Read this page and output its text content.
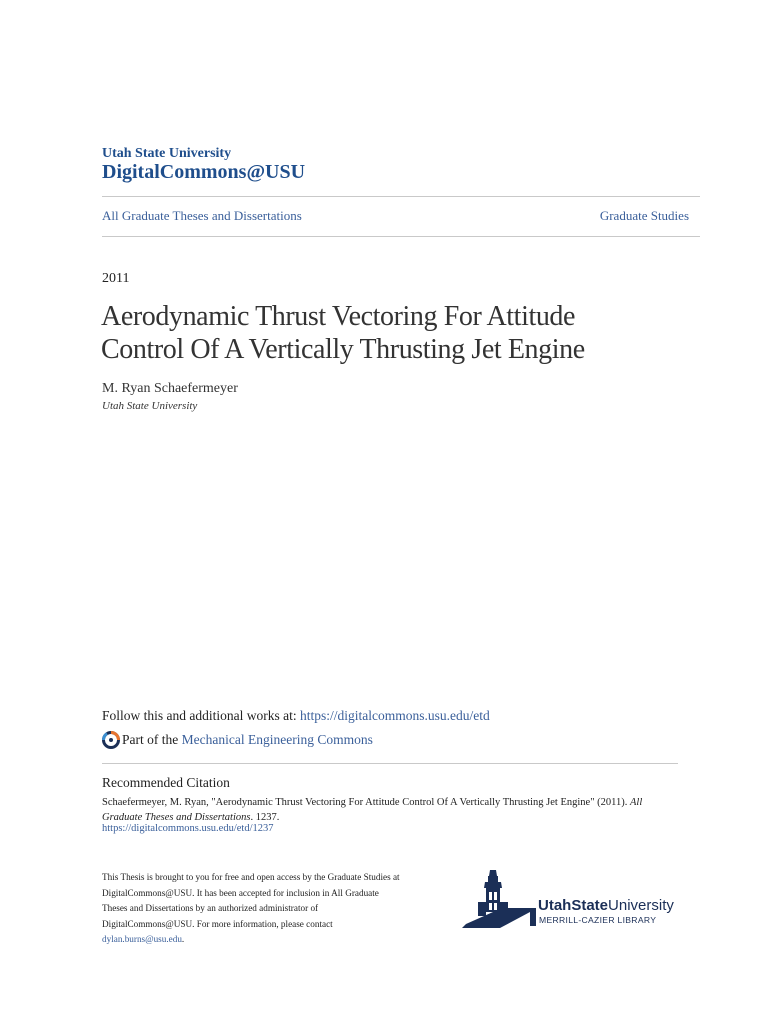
Utah State University
DigitalCommons@USU
All Graduate Theses and Dissertations	Graduate Studies
2011
Aerodynamic Thrust Vectoring For Attitude Control Of A Vertically Thrusting Jet Engine
M. Ryan Schaefermeyer
Utah State University
Follow this and additional works at: https://digitalcommons.usu.edu/etd
Part of the
Mechanical Engineering Commons
Recommended Citation
Schaefermeyer, M. Ryan, "Aerodynamic Thrust Vectoring For Attitude Control Of A Vertically Thrusting Jet Engine" (2011). All Graduate Theses and Dissertations. 1237.
https://digitalcommons.usu.edu/etd/1237
This Thesis is brought to you for free and open access by the Graduate Studies at DigitalCommons@USU. It has been accepted for inclusion in All Graduate Theses and Dissertations by an authorized administrator of DigitalCommons@USU. For more information, please contact dylan.burns@usu.edu.
UtahStateUniversity
MERRILL-CAZIER LIBRARY
